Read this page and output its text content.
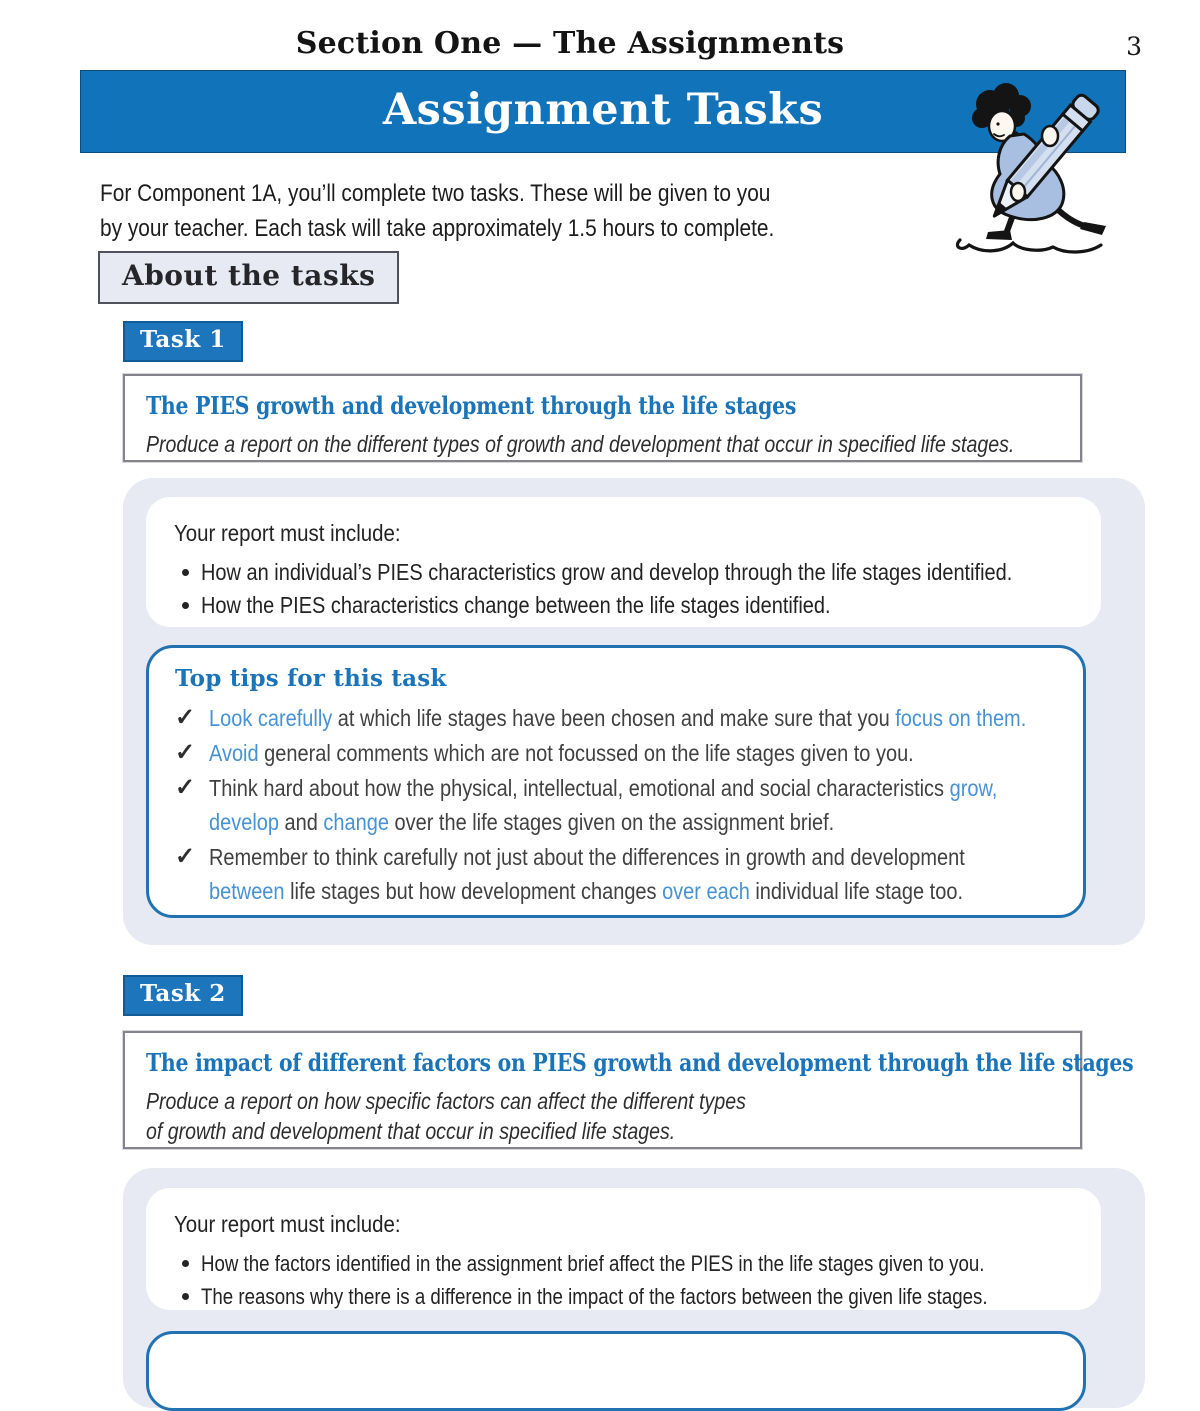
Section One — The Assignments	3
Assignment Tasks
For Component 1A, you’ll complete two tasks. These will be given to you
by your teacher. Each task will take approximately 1.5 hours to complete.
About the tasks
Task 1
The PIES growth and development through the life stages
Produce a report on the different types of growth and development that occur in specified life stages.
Your report must include:
How an individual’s PIES characteristics grow and develop through the life stages identified.
How the PIES characteristics change between the life stages identified.
Top tips for this task
✓ Look carefully at which life stages have been chosen and make sure that you focus on them.
✓ Avoid general comments which are not focussed on the life stages given to you.
✓ Think hard about how the physical, intellectual, emotional and social characteristics grow,
develop and change over the life stages given on the assignment brief.
✓ Remember to think carefully not just about the differences in growth and development
between life stages but how development changes over each individual life stage too.
Task 2
The impact of different factors on PIES growth and development through the life stages
Produce a report on how specific factors can affect the different types
of growth and development that occur in specified life stages.
Your report must include:
How the factors identified in the assignment brief affect the PIES in the life stages given to you.
The reasons why there is a difference in the impact of the factors between the given life stages.
